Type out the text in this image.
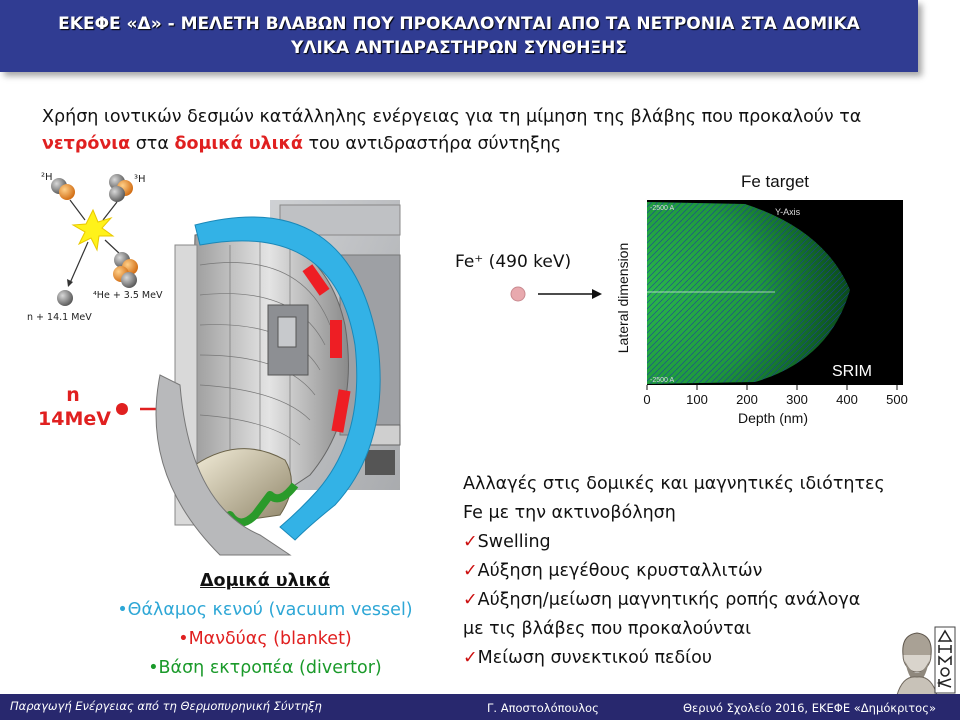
ΕΚΕΦΕ «Δ» - ΜΕΛΕΤΗ ΒΛΑΒΩΝ ΠΟΥ ΠΡΟΚΑΛΟΥΝΤΑΙ ΑΠΟ ΤΑ ΝΕΤΡΟΝΙΑ ΣΤΑ ΔΟΜΙΚΑ
ΥΛΙΚΑ ΑΝΤΙΔΡΑΣΤΗΡΩΝ ΣΥΝΘΗΞΗΣ
Χρήση ιοντικών δεσμών κατάλληλης ενέργειας για τη μίμηση της βλάβης που προκαλούν τα νετρόνια στα δομικά υλικά του αντιδραστήρα σύντηξης
²H	³H
n + 14.1 MeV
⁴He + 3.5 MeV
n
14MeV
Fe⁺ (490 keV)
Fe target
-2500 A
-2500 A
Y-Axis
SRIM
Lateral dimension
0	100 200 300 400 500
Depth (nm)
Αλλαγές στις δομικές και μαγνητικές ιδιότητες
Fe με την ακτινοβόληση
✓Swelling
✓Αύξηση μεγέθους κρυσταλλιτών
✓Αύξηση/μείωση μαγνητικής ροπής ανάλογα
με τις βλάβες που προκαλούνται
✓Μείωση συνεκτικού πεδίου
Δομικά υλικά
•Θάλαμος κενού (vacuum vessel)
•Μανδύας (blanket)
•Βάση εκτροπέα (divertor)
Παραγωγή Ενέργειας από τη Θερμοπυρηνική Σύντηξη	Γ. Αποστολόπουλος	Θερινό Σχολείο 2016, ΕΚΕΦΕ «Δημόκριτος»
